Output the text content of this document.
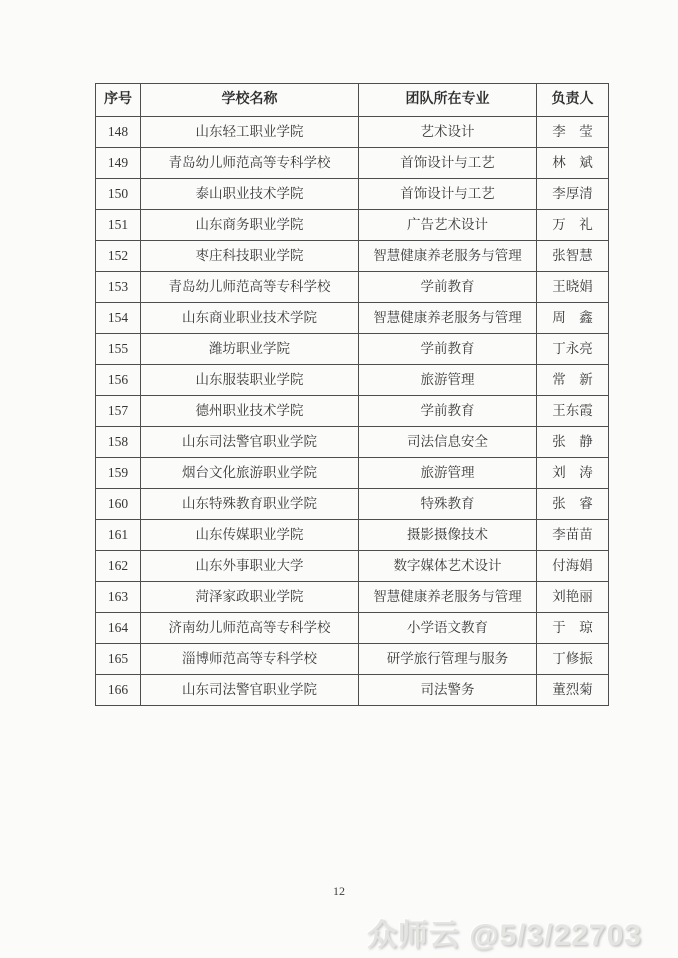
序号	学校名称	团队所在专业	负责人
148	山东轻工职业学院	艺术设计	李　莹
149	青岛幼儿师范高等专科学校	首饰设计与工艺	林　斌
150	泰山职业技术学院	首饰设计与工艺	李厚清
151	山东商务职业学院	广告艺术设计	万　礼
152	枣庄科技职业学院	智慧健康养老服务与管理	张智慧
153	青岛幼儿师范高等专科学校	学前教育	王晓娟
154	山东商业职业技术学院	智慧健康养老服务与管理	周　鑫
155	潍坊职业学院	学前教育	丁永亮
156	山东服装职业学院	旅游管理	常　新
157	德州职业技术学院	学前教育	王东霞
158	山东司法警官职业学院	司法信息安全	张　静
159	烟台文化旅游职业学院	旅游管理	刘　涛
160	山东特殊教育职业学院	特殊教育	张　睿
161	山东传媒职业学院	摄影摄像技术	李苗苗
162	山东外事职业大学	数字媒体艺术设计	付海娟
163	菏泽家政职业学院	智慧健康养老服务与管理	刘艳丽
164	济南幼儿师范高等专科学校	小学语文教育	于　琼
165	淄博师范高等专科学校	研学旅行管理与服务	丁修振
166	山东司法警官职业学院	司法警务	董烈菊
12
众师云 @5/3/22703
